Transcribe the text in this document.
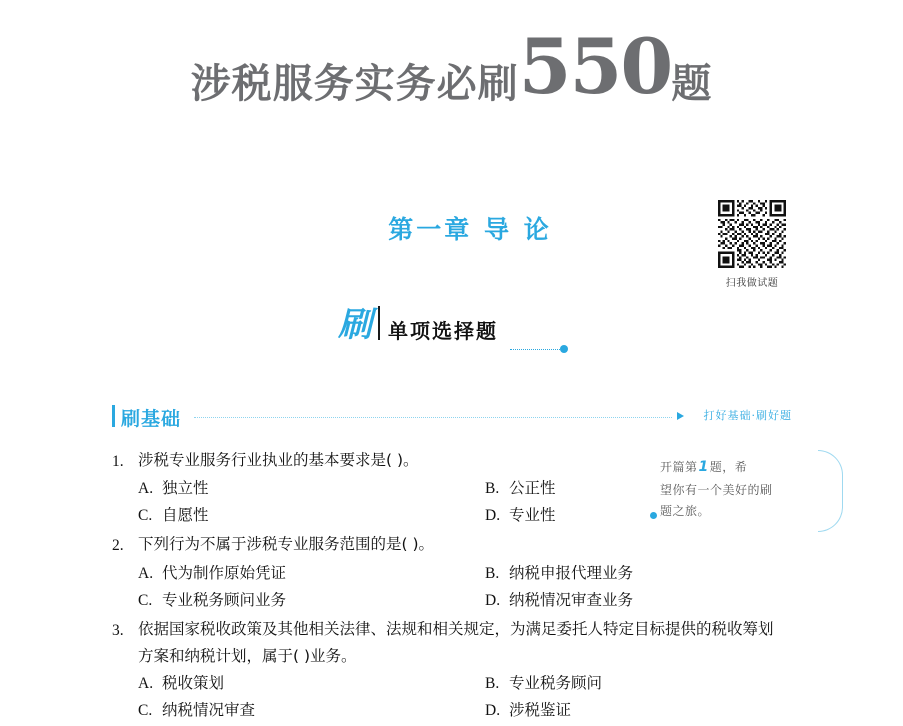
涉税服务实务必刷550题
第一章 导 论
扫我做试题
刷 单项选择题
刷基础	打好基础·刷好题
1. 涉税专业服务行业执业的基本要求是( )。
A. 独立性	B. 公正性
C. 自愿性	D. 专业性
2. 下列行为不属于涉税专业服务范围的是( )。
A. 代为制作原始凭证	B. 纳税申报代理业务
C. 专业税务顾问业务	D. 纳税情况审查业务
3. 依据国家税收政策及其他相关法律、法规和相关规定，为满足委托人特定目标提供的税收筹划方案和纳税计划，属于( )业务。
A. 税收策划	B. 专业税务顾问
C. 纳税情况审查	D. 涉税鉴证
开篇第1题，希
望你有一个美好的刷
题之旅。
